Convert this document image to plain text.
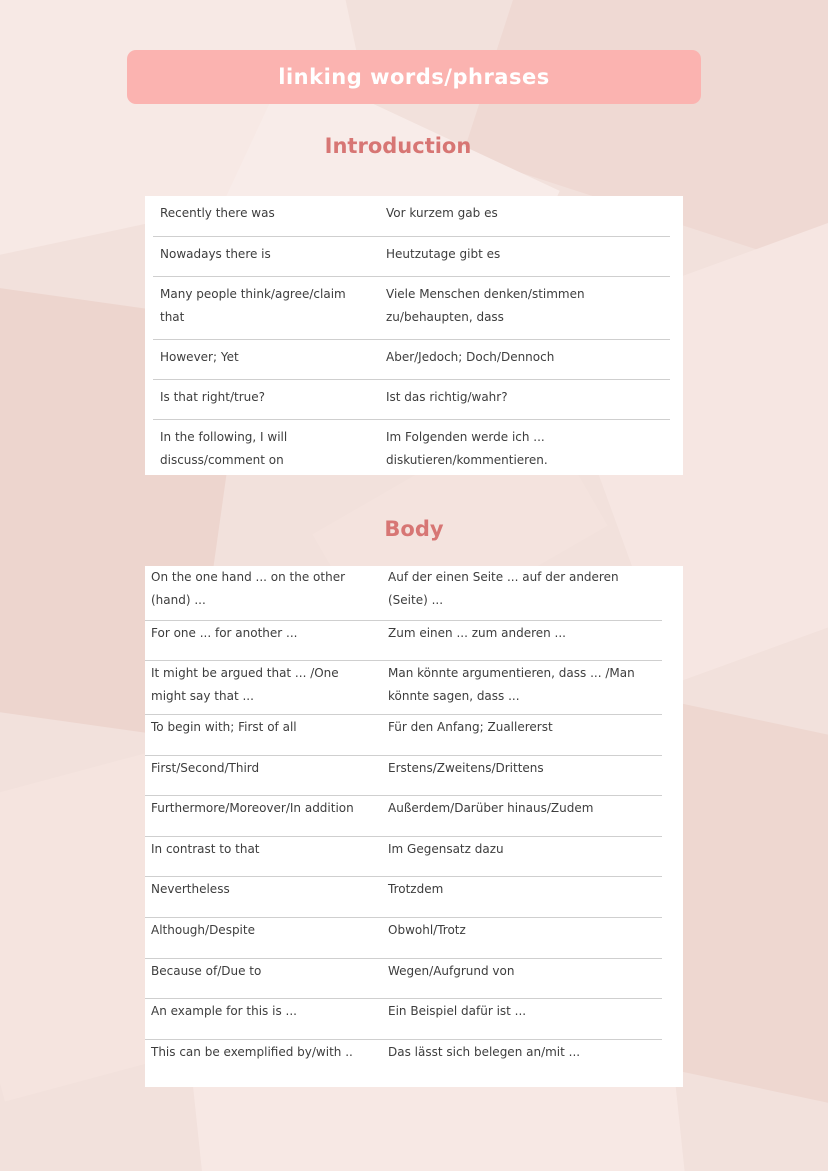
linking words/phrases
Introduction
Recently there was	Vor kurzem gab es
Nowadays there is	Heutzutage gibt es
Many people think/agree/claim that	Viele Menschen denken/stimmen zu/behaupten, dass
However; Yet	Aber/Jedoch; Doch/Dennoch
Is that right/true?	Ist das richtig/wahr?
In the following, I will discuss/comment on	Im Folgenden werde ich ... diskutieren/kommentieren.
Body
On the one hand ... on the other (hand) ...	Auf der einen Seite ... auf der anderen (Seite) ...
For one ... for another ...	Zum einen ... zum anderen ...
It might be argued that ... /One might say that ...	Man könnte argumentieren, dass ... /Man könnte sagen, dass ...
To begin with; First of all	Für den Anfang; Zuallererst
First/Second/Third	Erstens/Zweitens/Drittens
Furthermore/Moreover/In addition	Außerdem/Darüber hinaus/Zudem
In contrast to that	Im Gegensatz dazu
Nevertheless	Trotzdem
Although/Despite	Obwohl/Trotz
Because of/Due to	Wegen/Aufgrund von
An example for this is ...	Ein Beispiel dafür ist ...
This can be exemplified by/with ..	Das lässt sich belegen an/mit ...
